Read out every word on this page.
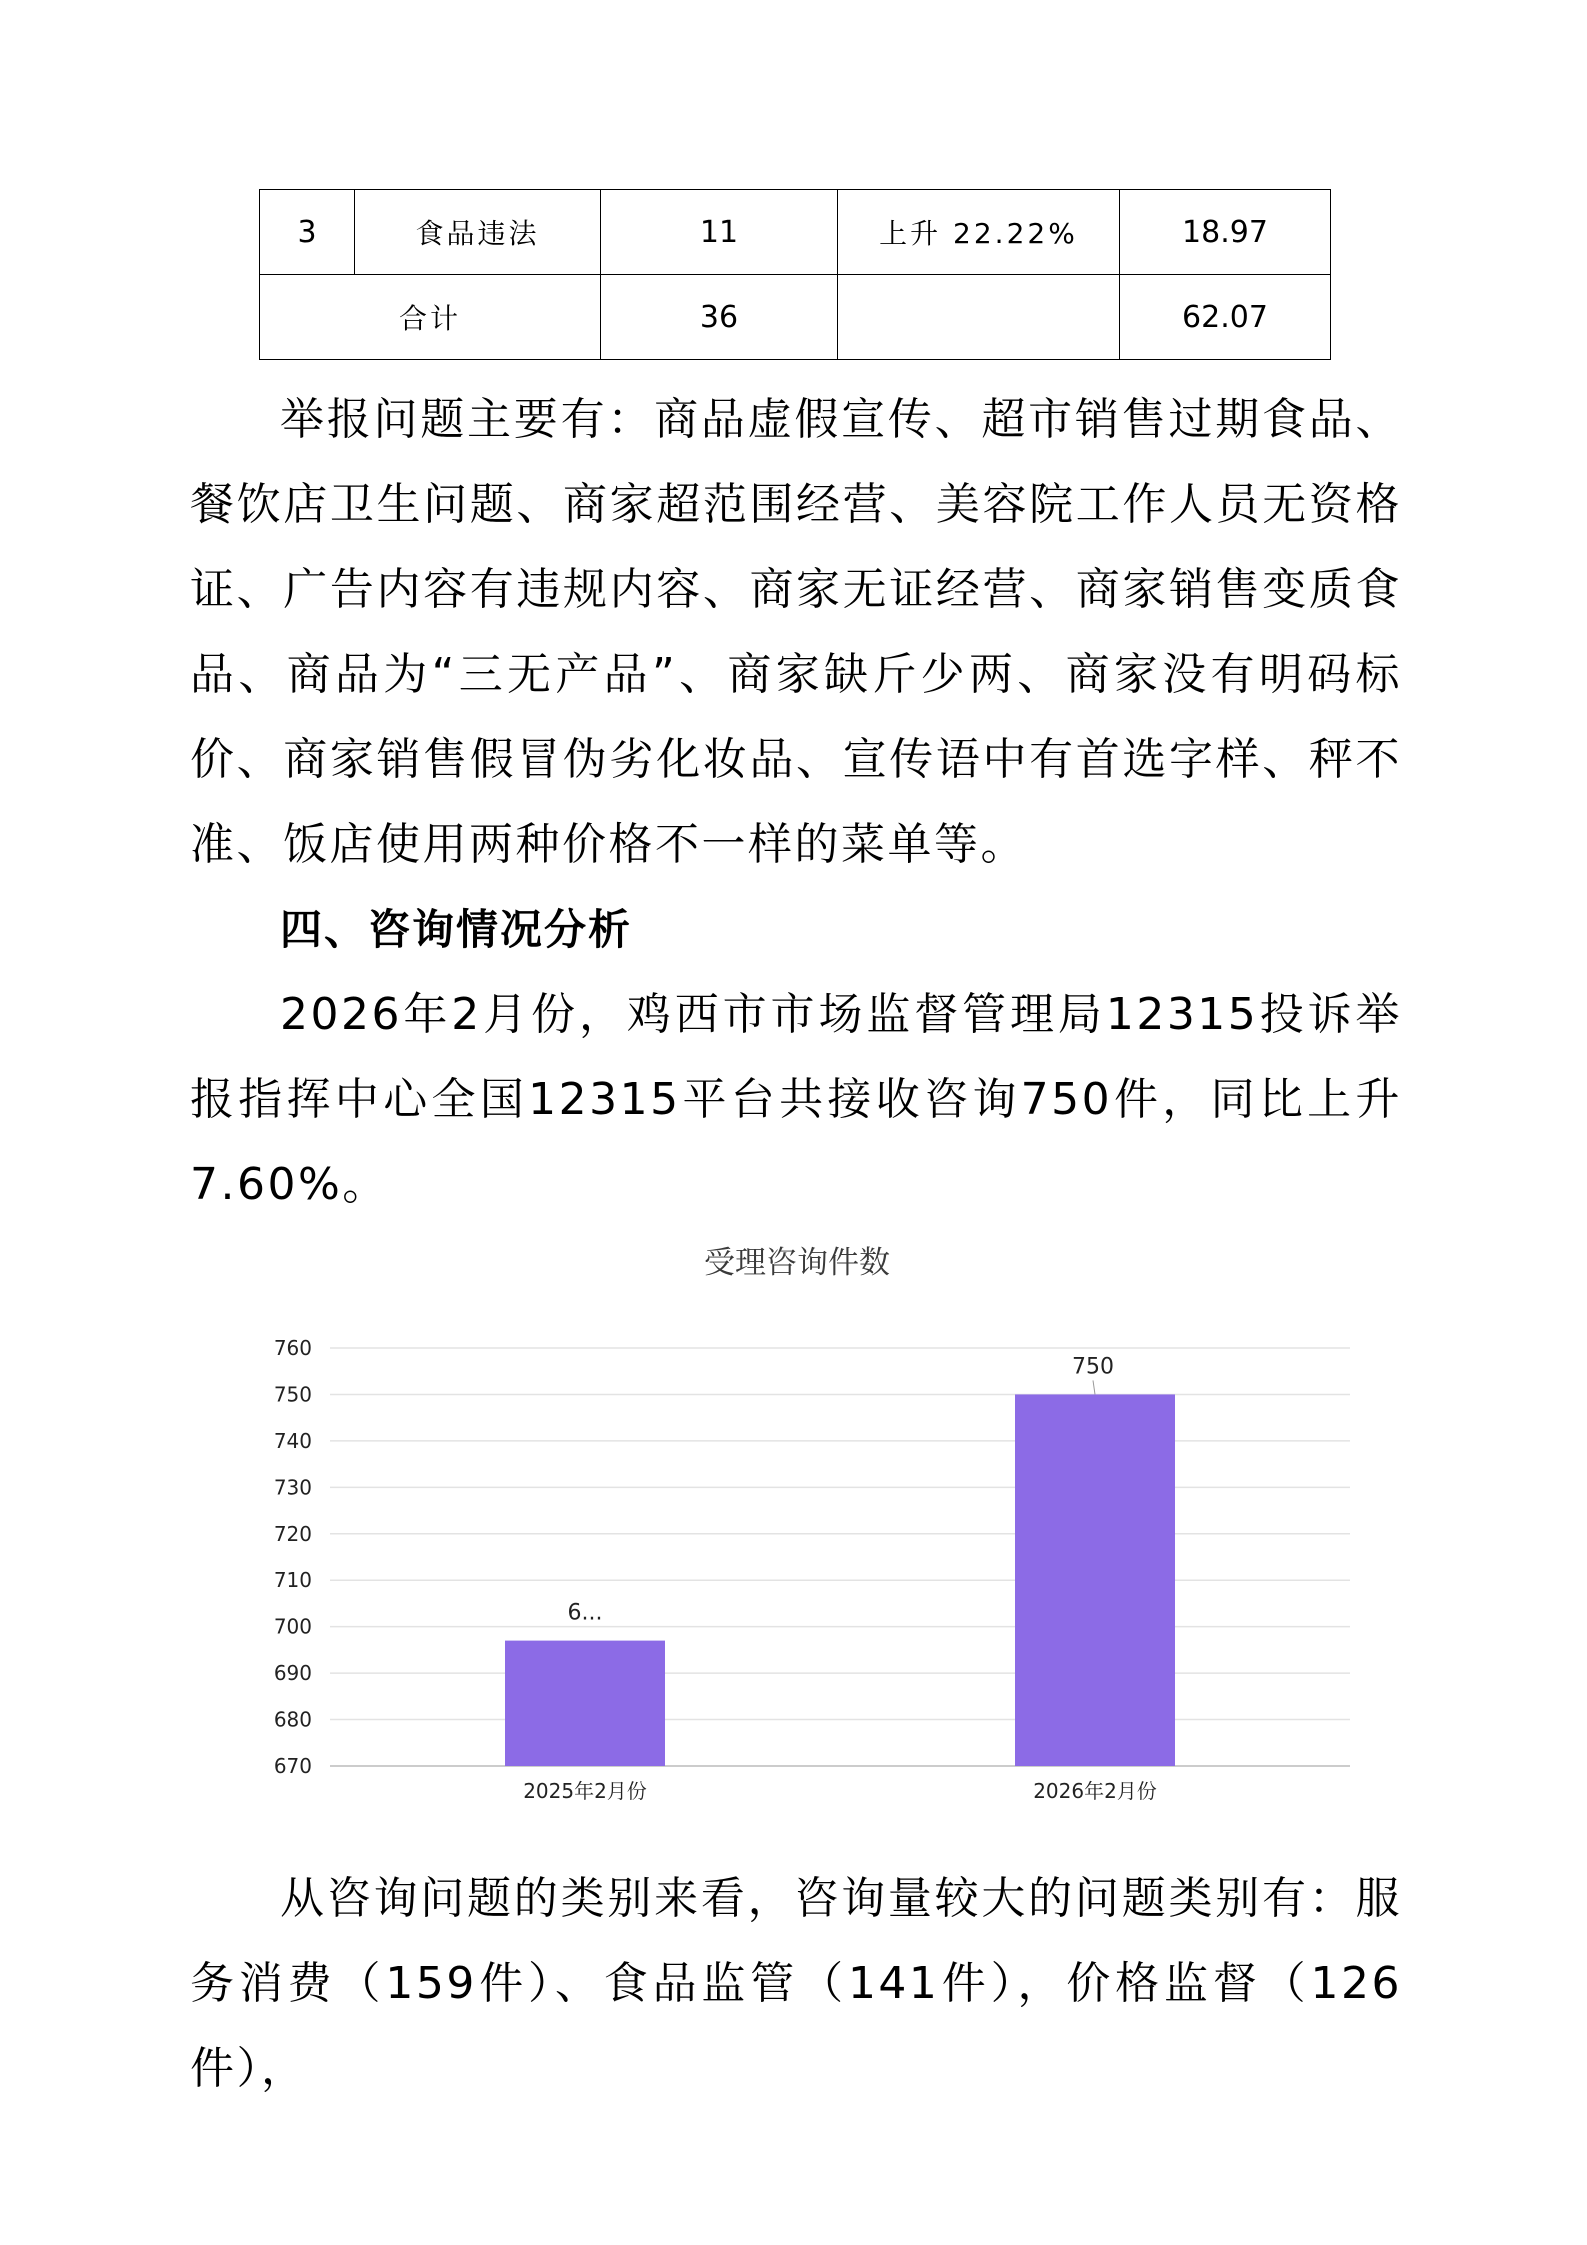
3	食品违法	11	上升 22.22%	18.97
合计		36		62.07

举报问题主要有：商品虚假宣传、超市销售过期食品、餐饮店卫生问题、商家超范围经营、美容院工作人员无资格证、广告内容有违规内容、商家无证经营、商家销售变质食品、商品为“三无产品”、商家缺斤少两、商家没有明码标价、商家销售假冒伪劣化妆品、宣传语中有首选字样、秤不准、饭店使用两种价格不一样的菜单等。

四、咨询情况分析

2026年2月份，鸡西市市场监督管理局12315投诉举报指挥中心全国12315平台共接收咨询750件，同比上升7.60%。

受理咨询件数
670
680
690
700
710
720
730
740
750
760
2025年2月份	2026年2月份
6...
750

从咨询问题的类别来看，咨询量较大的问题类别有：服务消费（159件）、食品监管（141件），价格监督（126件），
